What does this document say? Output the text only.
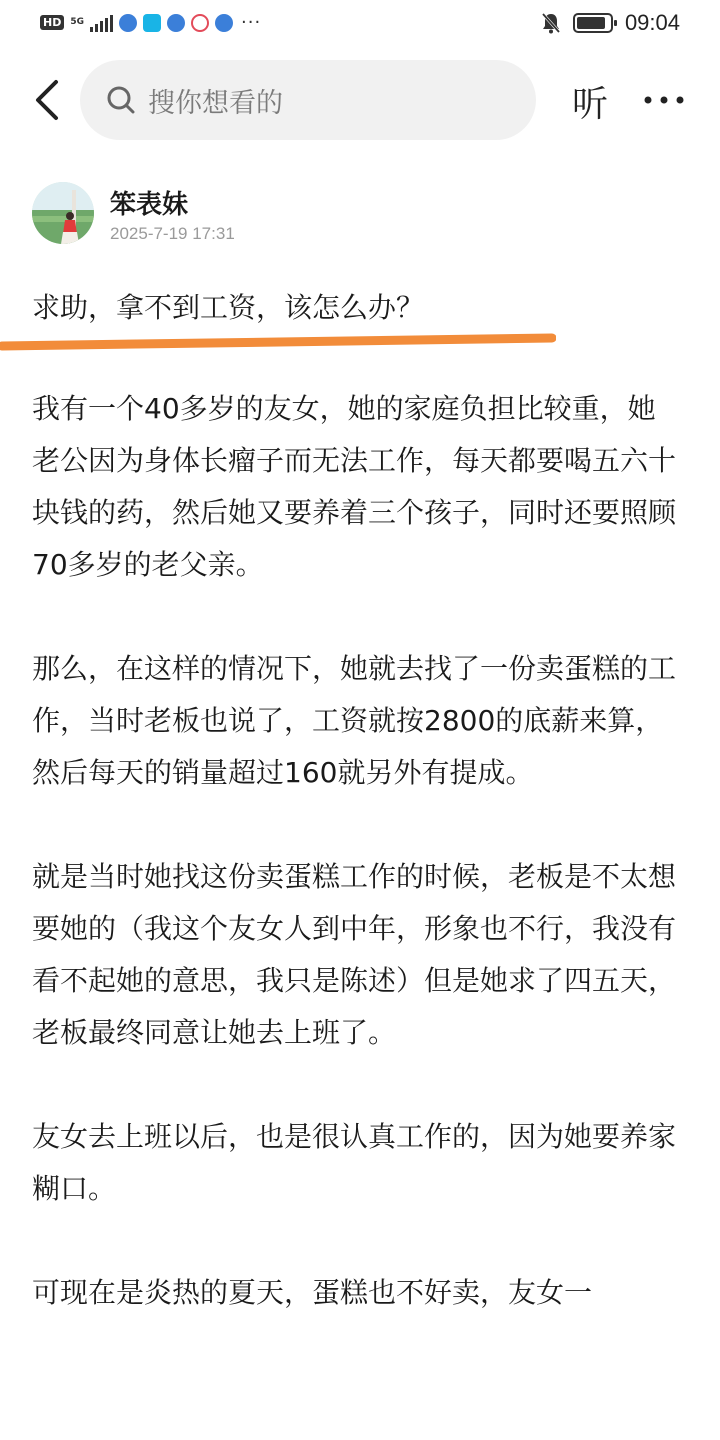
HD	5G	···	09:04
搜你想看的	听
笨表妹
2025-7-19 17:31
求助，拿不到工资，该怎么办？

我有一个40多岁的友女，她的家庭负担比较重，她老公因为身体长瘤子而无法工作，每天都要喝五六十块钱的药，然后她又要养着三个孩子，同时还要照顾70多岁的老父亲。

那么，在这样的情况下，她就去找了一份卖蛋糕的工作，当时老板也说了，工资就按2800的底薪来算，然后每天的销量超过160就另外有提成。

就是当时她找这份卖蛋糕工作的时候，老板是不太想要她的（我这个友女人到中年，形象也不行，我没有看不起她的意思，我只是陈述）但是她求了四五天，老板最终同意让她去上班了。

友女去上班以后，也是很认真工作的，因为她要养家糊口。

可现在是炎热的夏天，蛋糕也不好卖，友女一
